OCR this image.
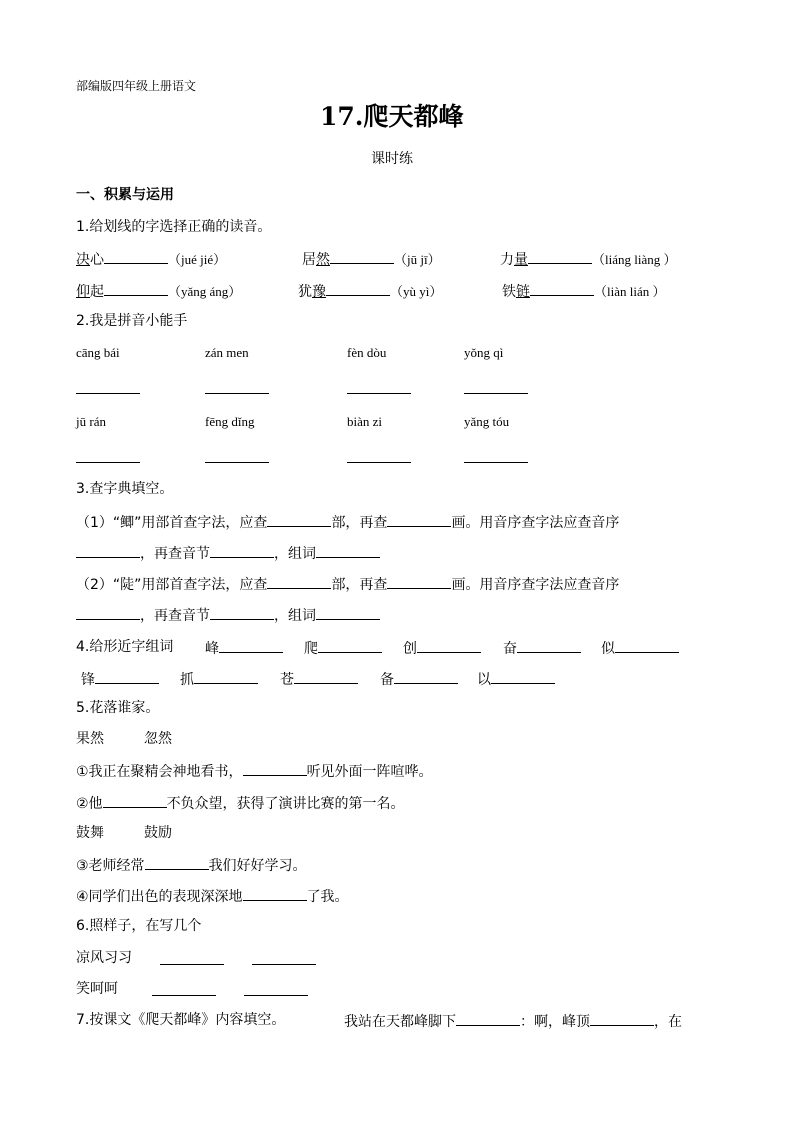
部编版四年级上册语文
17.爬天都峰
课时练
一、积累与运用
1.给划线的字选择正确的读音。
决心	（jué jié）	居然	（jū jī）	力量	（liáng liàng ）
仰起	（yǎng áng）	犹豫	（yù yì）	铁链	（liàn lián ）
2.我是拼音小能手
cāng bái	zán men	fèn dòu	yǒng qì
jū rán	fēng dǐng	biàn zi	yǎng tóu
3.查字典填空。
（1）“鲫”用部首查字法，应查	部，再查	画。用音序查字法应查音序
，再查音节	，组词
（2）“陡”用部首查字法，应查	部，再查	画。用音序查字法应查音序
，再查音节	，组词
4.给形近字组词 峰	爬	创	奋	似
锋	抓	苍	备	以
5.花落谁家。
果然	忽然
①我正在聚精会神地看书，	听见外面一阵喧哗。
②他	不负众望，获得了演讲比赛的第一名。
鼓舞	鼓励
③老师经常	我们好好学习。
④同学们出色的表现深深地	了我。
6.照样子，在写几个
凉风习习
笑呵呵
7.按课文《爬天都峰》内容填空。	我站在天都峰脚下	：啊，峰顶	，在
